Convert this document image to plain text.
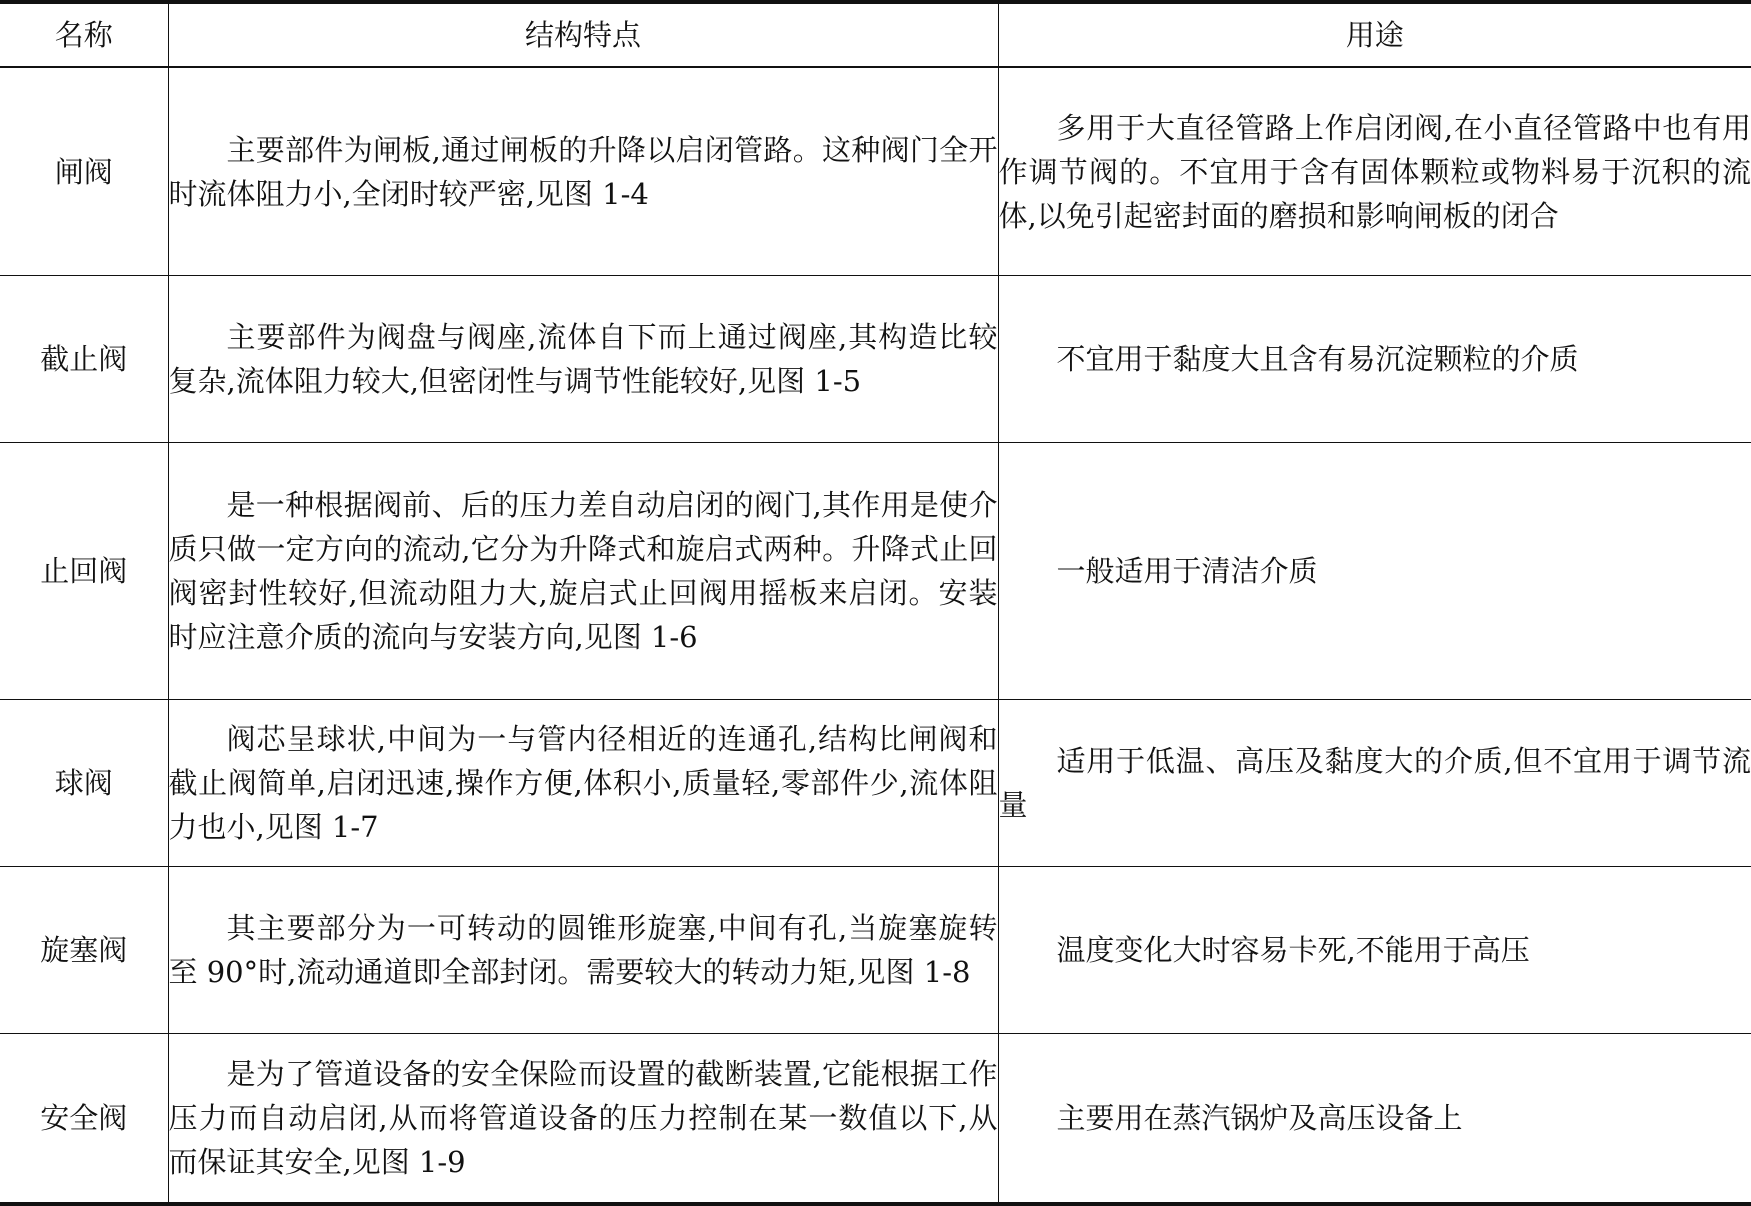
名称	结构特点	用途
闸阀	主要部件为闸板,通过闸板的升降以启闭管路。这种阀门全开时流体阻力小,全闭时较严密,见图 1-4	多用于大直径管路上作启闭阀,在小直径管路中也有用作调节阀的。不宜用于含有固体颗粒或物料易于沉积的流体,以免引起密封面的磨损和影响闸板的闭合

截止阀	主要部件为阀盘与阀座,流体自下而上通过阀座,其构造比较复杂,流体阻力较大,但密闭性与调节性能较好,见图 1-5	不宜用于黏度大且含有易沉淀颗粒的介质

止回阀	是一种根据阀前、后的压力差自动启闭的阀门,其作用是使介质只做一定方向的流动,它分为升降式和旋启式两种。升降式止回阀密封性较好,但流动阻力大,旋启式止回阀用摇板来启闭。安装时应注意介质的流向与安装方向,见图 1-6	一般适用于清洁介质

球阀	阀芯呈球状,中间为一与管内径相近的连通孔,结构比闸阀和截止阀简单,启闭迅速,操作方便,体积小,质量轻,零部件少,流体阻力也小,见图 1-7	适用于低温、高压及黏度大的介质,但不宜用于调节流量

旋塞阀	其主要部分为一可转动的圆锥形旋塞,中间有孔,当旋塞旋转至 90°时,流动通道即全部封闭。需要较大的转动力矩,见图 1-8	温度变化大时容易卡死,不能用于高压

安全阀	是为了管道设备的安全保险而设置的截断装置,它能根据工作压力而自动启闭,从而将管道设备的压力控制在某一数值以下,从而保证其安全,见图 1-9	主要用在蒸汽锅炉及高压设备上
